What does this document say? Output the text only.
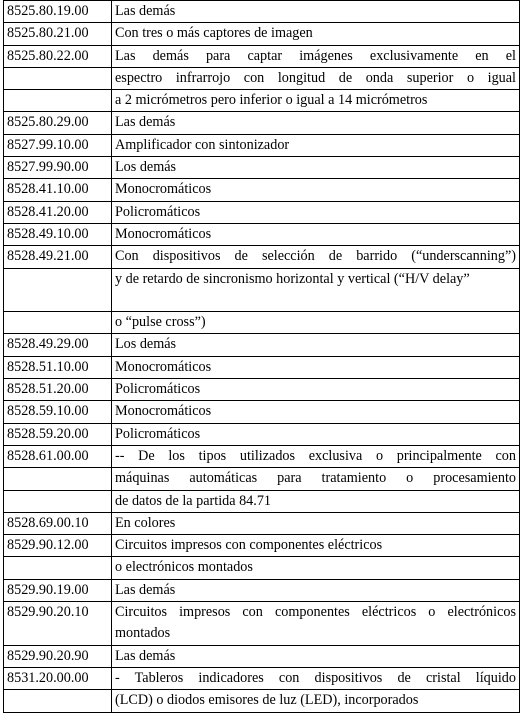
8525.80.19.00	Las demás
8525.80.21.00	Con tres o más captores de imagen
8525.80.22.00	Las demás para captar imágenes exclusivamente en el
	espectro infrarrojo con longitud de onda superior o igual
	a 2 micrómetros pero inferior o igual a 14 micrómetros
8525.80.29.00	Las demás
8527.99.10.00	Amplificador con sintonizador
8527.99.90.00	Los demás
8528.41.10.00	Monocromáticos
8528.41.20.00	Policromáticos
8528.49.10.00	Monocromáticos
8528.49.21.00	Con dispositivos de selección de barrido (“underscanning”)
	y de retardo de sincronismo horizontal y vertical (“H/V delay”
	o “pulse cross”)
8528.49.29.00	Los demás
8528.51.10.00	Monocromáticos
8528.51.20.00	Policromáticos
8528.59.10.00	Monocromáticos
8528.59.20.00	Policromáticos
8528.61.00.00	-- De los tipos utilizados exclusiva o principalmente con
	máquinas automáticas para tratamiento o procesamiento
	de datos de la partida 84.71
8528.69.00.10	En colores
8529.90.12.00	Circuitos impresos con componentes eléctricos
	o electrónicos montados
8529.90.19.00	Las demás
8529.90.20.10	Circuitos impresos con componentes eléctricos o electrónicos montados
8529.90.20.90	Las demás
8531.20.00.00	- Tableros indicadores con dispositivos de cristal líquido
	(LCD) o diodos emisores de luz (LED), incorporados
